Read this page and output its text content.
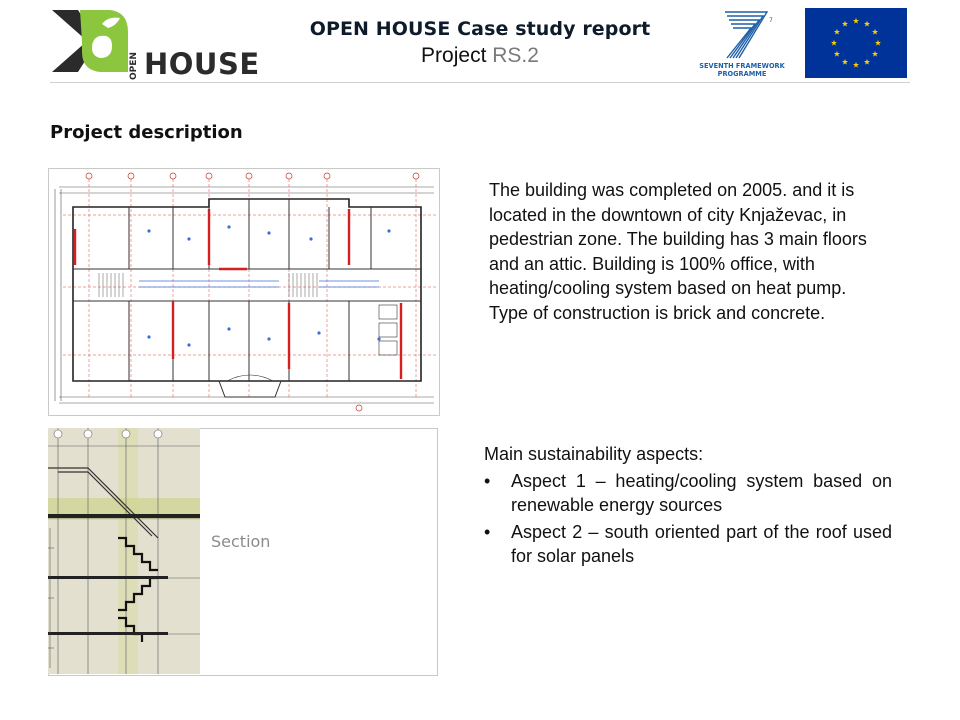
OPEN HOUSE
OPEN HOUSE Case study report
Project RS.2
7
SEVENTH FRAMEWORK
PROGRAMME
Project description
The building was completed on 2005. and it is located in the downtown of city Knjaževac, in pedestrian zone. The building has 3 main floors and an attic. Building is 100% office, with heating/cooling system based on heat pump. Type of construction is brick and concrete.
Section
Main sustainability aspects:
• Aspect 1 – heating/cooling system based on renewable energy sources
• Aspect 2 – south oriented part of the roof used for solar panels
